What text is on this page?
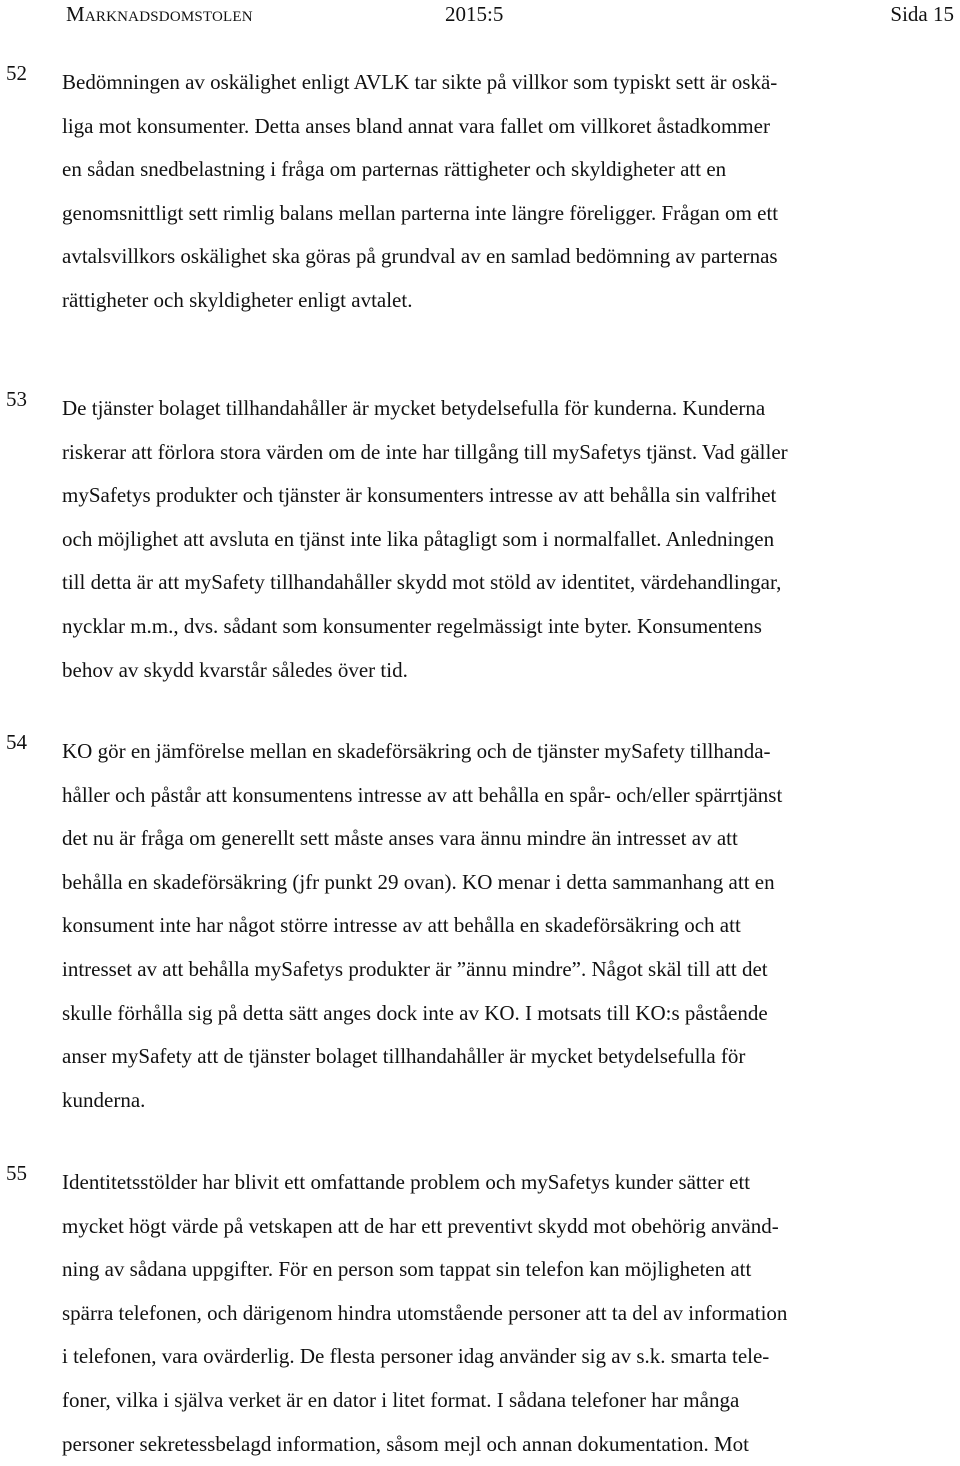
Marknadsdomstolen	2015:5	Sida 15
52 Bedömningen av oskälighet enligt AVLK tar sikte på villkor som typiskt sett är oskä-
liga mot konsumenter. Detta anses bland annat vara fallet om villkoret åstadkommer
en sådan snedbelastning i fråga om parternas rättigheter och skyldigheter att en
genomsnittligt sett rimlig balans mellan parterna inte längre föreligger. Frågan om ett
avtalsvillkors oskälighet ska göras på grundval av en samlad bedömning av parternas
rättigheter och skyldigheter enligt avtalet.
53 De tjänster bolaget tillhandahåller är mycket betydelsefulla för kunderna. Kunderna
riskerar att förlora stora värden om de inte har tillgång till mySafetys tjänst. Vad gäller
mySafetys produkter och tjänster är konsumenters intresse av att behålla sin valfrihet
och möjlighet att avsluta en tjänst inte lika påtagligt som i normalfallet. Anledningen
till detta är att mySafety tillhandahåller skydd mot stöld av identitet, värdehandlingar,
nycklar m.m., dvs. sådant som konsumenter regelmässigt inte byter. Konsumentens
behov av skydd kvarstår således över tid.
54 KO gör en jämförelse mellan en skadeförsäkring och de tjänster mySafety tillhanda-
håller och påstår att konsumentens intresse av att behålla en spår- och/eller spärrtjänst
det nu är fråga om generellt sett måste anses vara ännu mindre än intresset av att
behålla en skadeförsäkring (jfr punkt 29 ovan). KO menar i detta sammanhang att en
konsument inte har något större intresse av att behålla en skadeförsäkring och att
intresset av att behålla mySafetys produkter är ”ännu mindre”. Något skäl till att det
skulle förhålla sig på detta sätt anges dock inte av KO. I motsats till KO:s påstående
anser mySafety att de tjänster bolaget tillhandahåller är mycket betydelsefulla för
kunderna.
55 Identitetsstölder har blivit ett omfattande problem och mySafetys kunder sätter ett
mycket högt värde på vetskapen att de har ett preventivt skydd mot obehörig använd-
ning av sådana uppgifter. För en person som tappat sin telefon kan möjligheten att
spärra telefonen, och därigenom hindra utomstående personer att ta del av information
i telefonen, vara ovärderlig. De flesta personer idag använder sig av s.k. smarta tele-
foner, vilka i själva verket är en dator i litet format. I sådana telefoner har många
personer sekretessbelagd information, såsom mejl och annan dokumentation. Mot
